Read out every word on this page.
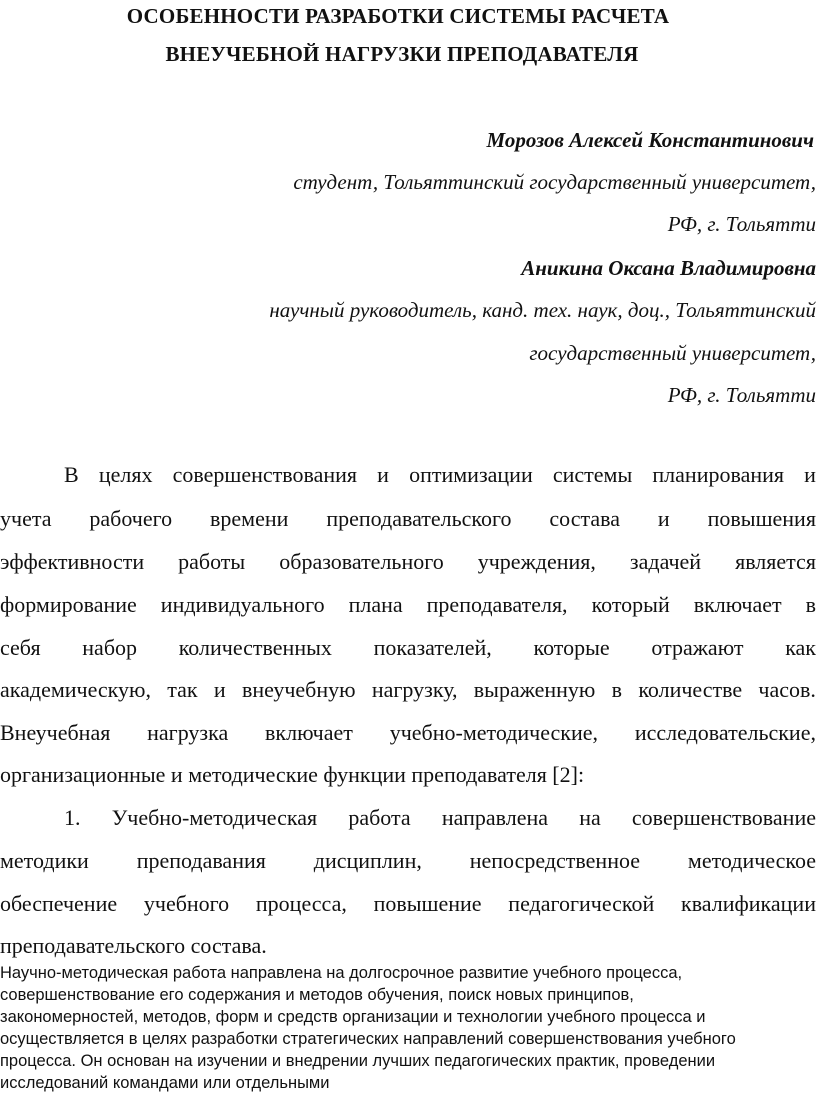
ОСОБЕННОСТИ РАЗРАБОТКИ СИСТЕМЫ РАСЧЕТА
ВНЕУЧЕБНОЙ НАГРУЗКИ ПРЕПОДАВАТЕЛЯ
Морозов Алексей Константинович
студент, Тольяттинский государственный университет,
РФ, г. Тольятти
Аникина Оксана Владимировна
научный руководитель, канд. тех. наук, доц., Тольяттинский
государственный университет,
РФ, г. Тольятти
В целях совершенствования и оптимизации системы планирования и
учета рабочего времени преподавательского состава и повышения
эффективности работы образовательного учреждения, задачей является
формирование индивидуального плана преподавателя, который включает в
себя набор количественных показателей, которые отражают как
академическую, так и внеучебную нагрузку, выраженную в количестве часов.
Внеучебная нагрузка включает учебно-методические, исследовательские,
организационные и методические функции преподавателя [2]:
1. Учебно-методическая работа направлена на совершенствование
методики преподавания дисциплин, непосредственное методическое
обеспечение учебного процесса, повышение педагогической квалификации
преподавательского состава.
Научно-методическая работа направлена на долгосрочное развитие учебного процесса,
совершенствование его содержания и методов обучения, поиск новых принципов,
закономерностей, методов, форм и средств организации и технологии учебного процесса и
осуществляется в целях разработки стратегических направлений совершенствования учебного
процесса. Он основан на изучении и внедрении лучших педагогических практик, проведении
исследований командами или отдельными
